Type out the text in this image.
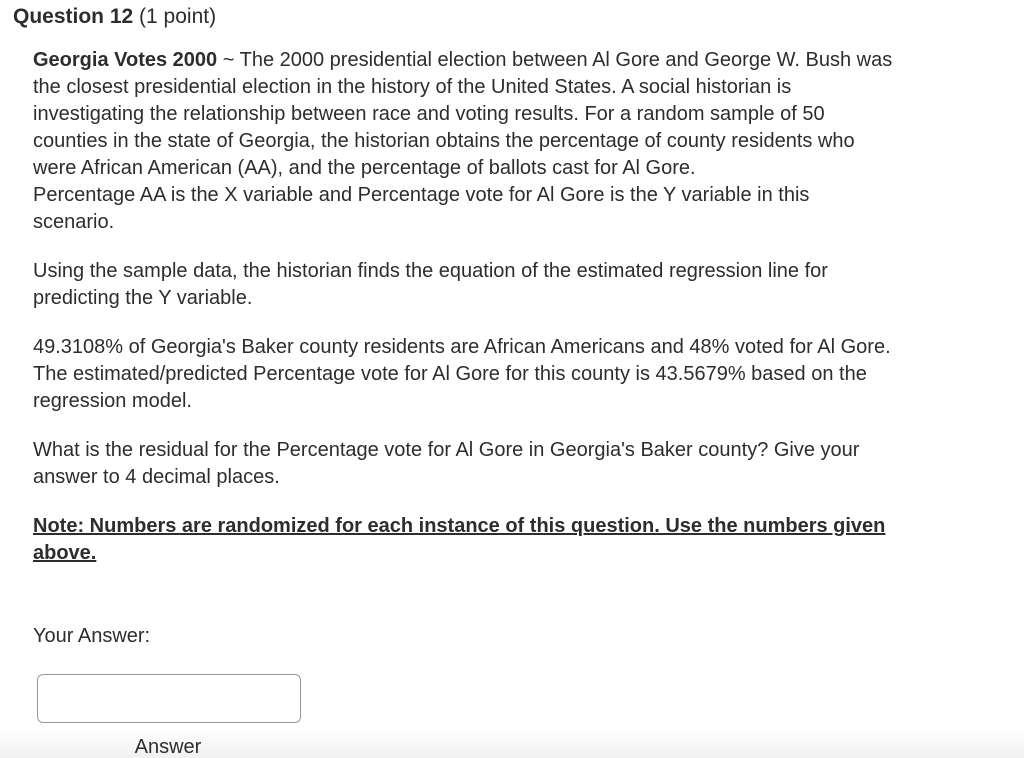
Question 12 (1 point)

Georgia Votes 2000 ~ The 2000 presidential election between Al Gore and George W. Bush was the closest presidential election in the history of the United States. A social historian is investigating the relationship between race and voting results. For a random sample of 50 counties in the state of Georgia, the historian obtains the percentage of county residents who were African American (AA), and the percentage of ballots cast for Al Gore.

Percentage AA is the X variable and Percentage vote for Al Gore is the Y variable in this scenario.

Using the sample data, the historian finds the equation of the estimated regression line for predicting the Y variable.

49.3108% of Georgia's Baker county residents are African Americans and 48% voted for Al Gore. The estimated/predicted Percentage vote for Al Gore for this county is 43.5679% based on the regression model.

What is the residual for the Percentage vote for Al Gore in Georgia's Baker county? Give your answer to 4 decimal places.

Note: Numbers are randomized for each instance of this question. Use the numbers given above.

Your Answer:
Answer
